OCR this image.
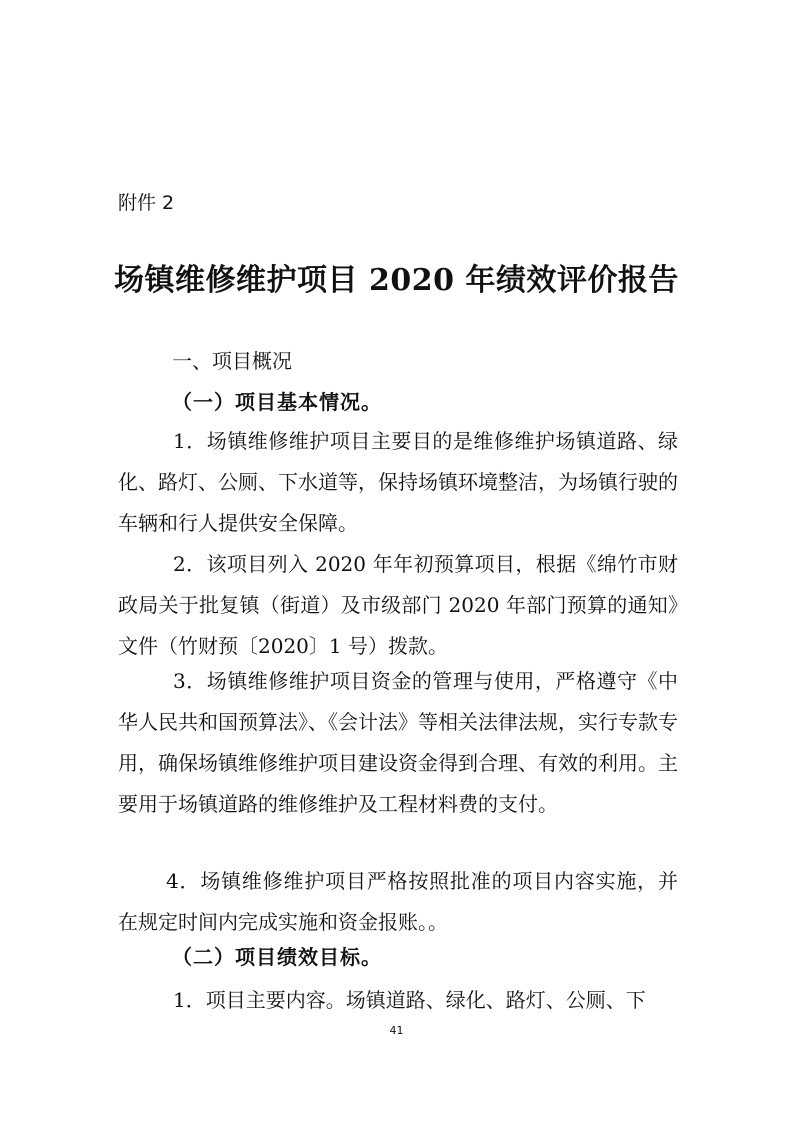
附件 2
场镇维修维护项目 2020 年绩效评价报告
一、项目概况
（一）项目基本情况。
1．场镇维修维护项目主要目的是维修维护场镇道路、绿化、路灯、公厕、下水道等，保持场镇环境整洁，为场镇行驶的车辆和行人提供安全保障。
2．该项目列入 2020 年年初预算项目，根据《绵竹市财政局关于批复镇（街道）及市级部门 2020 年部门预算的通知》文件（竹财预〔2020〕1 号）拨款。
3．场镇维修维护项目资金的管理与使用，严格遵守《中华人民共和国预算法》、《会计法》等相关法律法规，实行专款专用，确保场镇维修维护项目建设资金得到合理、有效的利用。主要用于场镇道路的维修维护及工程材料费的支付。
4．场镇维修维护项目严格按照批准的项目内容实施，并在规定时间内完成实施和资金报账。。
（二）项目绩效目标。
1．项目主要内容。场镇道路、绿化、路灯、公厕、下
41
